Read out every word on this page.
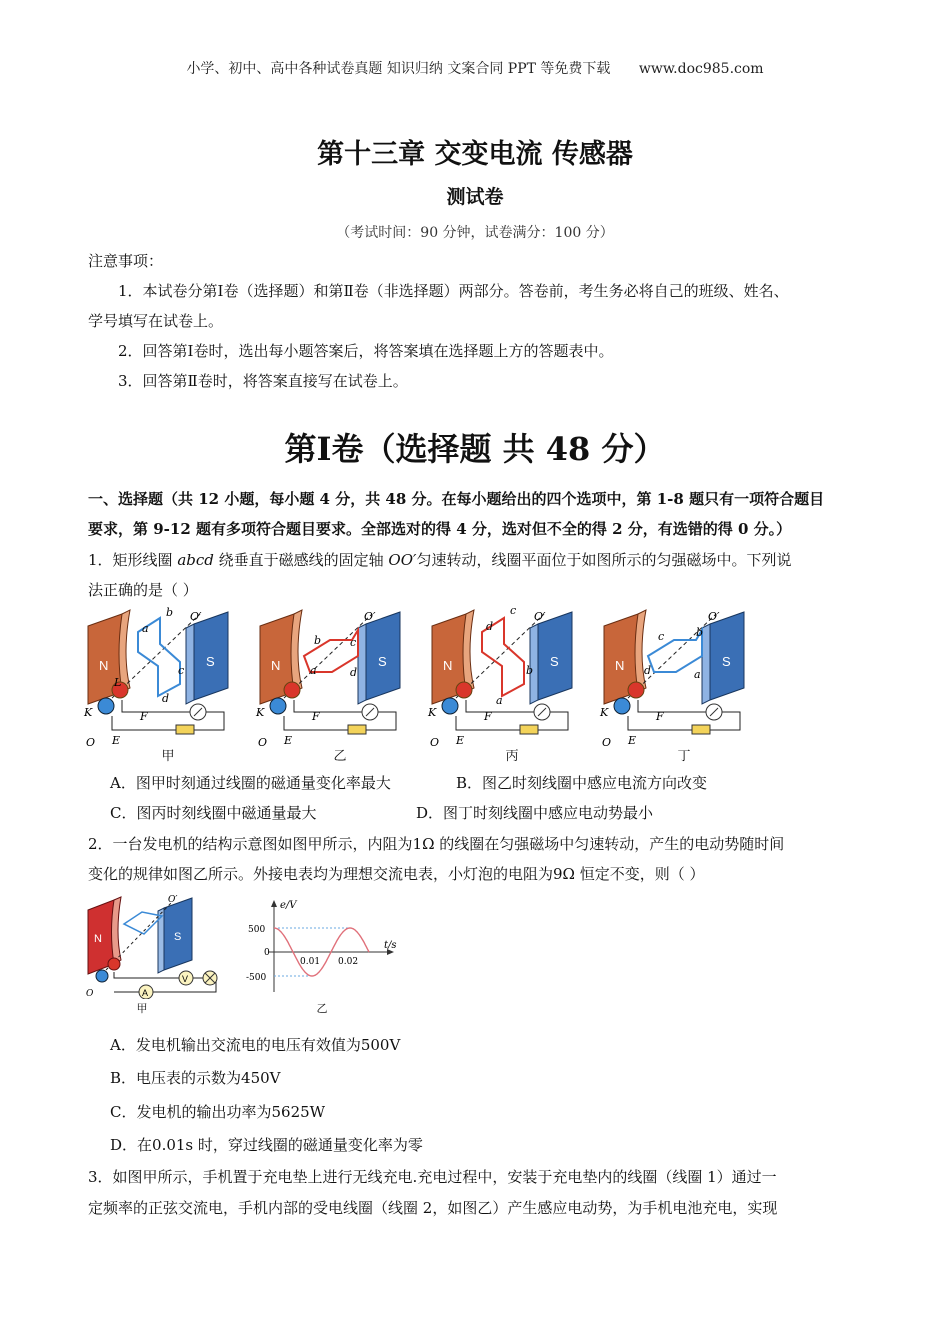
小学、初中、高中各种试卷真题 知识归纳 文案合同 PPT 等免费下载 www.doc985.com
第十三章 交变电流 传感器
测试卷
（考试时间：90 分钟，试卷满分：100 分）
注意事项：
1．本试卷分第Ⅰ卷（选择题）和第Ⅱ卷（非选择题）两部分。答卷前，考生务必将自己的班级、姓名、
学号填写在试卷上。
2．回答第Ⅰ卷时，选出每小题答案后，将答案填在选择题上方的答题表中。
3．回答第Ⅱ卷时，将答案直接写在试卷上。
第Ⅰ卷（选择题 共 48 分）
一、选择题（共 12 小题，每小题 4 分，共 48 分。在每小题给出的四个选项中，第 1-8 题只有一项符合题目
要求，第 9-12 题有多项符合题目要求。全部选对的得 4 分，选对但不全的得 2 分，有选错的得 0 分。）
1．矩形线圈 abcd 绕垂直于磁感线的固定轴 OO′匀速转动，线圈平面位于如图所示的匀强磁场中。下列说
法正确的是（ ）
a
b
c
d
O′
K
O E
F
L
a
b	c
d
O′
K
O E
F
d
c
b
a
O′
K
O E
F
d
c	b
a
O′
K
O E
F
甲	乙	丙	丁
A．图甲时刻通过线圈的磁通量变化率最大	B．图乙时刻线圈中感应电流方向改变
C．图丙时刻线圈中磁通量最大	D．图丁时刻线圈中感应电动势最小
2．一台发电机的结构示意图如图甲所示，内阻为1Ω 的线圈在匀强磁场中匀速转动，产生的电动势随时间
变化的规律如图乙所示。外接电表均为理想交流电表，小灯泡的电阻为9Ω 恒定不变，则（ ）
N	S
O′
O
V
A
甲
e/V
t/s
500
0
-500
0.01 0.02
乙
A．发电机输出交流电的电压有效值为500V
B．电压表的示数为450V
C．发电机的输出功率为5625W
D．在0.01s 时，穿过线圈的磁通量变化率为零
3．如图甲所示，手机置于充电垫上进行无线充电.充电过程中，安装于充电垫内的线圈（线圈 1）通过一
定频率的正弦交流电，手机内部的受电线圈（线圈 2，如图乙）产生感应电动势，为手机电池充电，实现
